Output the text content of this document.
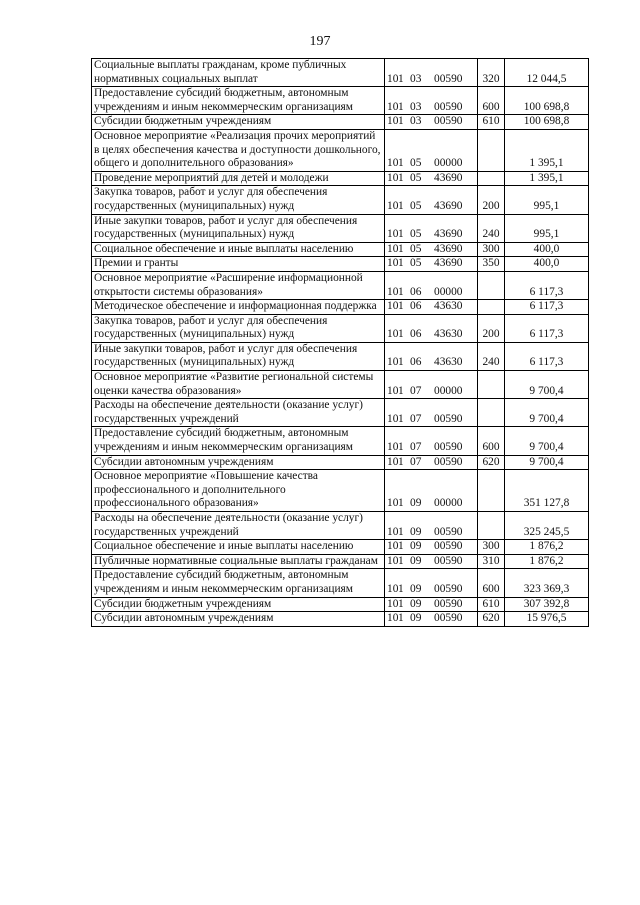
197
Социальные выплаты гражданам, кроме публичных нормативных социальных выплат	101 03 00590	320	12 044,5
Предоставление субсидий бюджетным, автономным учреждениям и иным некоммерческим организациям	101 03 00590	600	100 698,8
Субсидии бюджетным учреждениям	101 03 00590	610	100 698,8
Основное мероприятие «Реализация прочих мероприятий в целях обеспечения качества и доступности дошкольного, общего и дополнительного образования»	101 05 00000		1 395,1
Проведение мероприятий для детей и молодежи	101 05 43690		1 395,1
Закупка товаров, работ и услуг для обеспечения государственных (муниципальных) нужд	101 05 43690	200	995,1
Иные закупки товаров, работ и услуг для обеспечения государственных (муниципальных) нужд	101 05 43690	240	995,1
Социальное обеспечение и иные выплаты населению	101 05 43690	300	400,0
Премии и гранты	101 05 43690	350	400,0
Основное мероприятие «Расширение информационной открытости системы образования»	101 06 00000		6 117,3
Методическое обеспечение и информационная поддержка	101 06 43630		6 117,3
Закупка товаров, работ и услуг для обеспечения государственных (муниципальных) нужд	101 06 43630	200	6 117,3
Иные закупки товаров, работ и услуг для обеспечения государственных (муниципальных) нужд	101 06 43630	240	6 117,3
Основное мероприятие «Развитие региональной системы оценки качества образования»	101 07 00000		9 700,4
Расходы на обеспечение деятельности (оказание услуг) государственных учреждений	101 07 00590		9 700,4
Предоставление субсидий бюджетным, автономным учреждениям и иным некоммерческим организациям	101 07 00590	600	9 700,4
Субсидии автономным учреждениям	101 07 00590	620	9 700,4
Основное мероприятие «Повышение качества профессионального и дополнительного профессионального образования»	101 09 00000		351 127,8
Расходы на обеспечение деятельности (оказание услуг) государственных учреждений	101 09 00590		325 245,5
Социальное обеспечение и иные выплаты населению	101 09 00590	300	1 876,2
Публичные нормативные социальные выплаты гражданам	101 09 00590	310	1 876,2
Предоставление субсидий бюджетным, автономным учреждениям и иным некоммерческим организациям	101 09 00590	600	323 369,3
Субсидии бюджетным учреждениям	101 09 00590	610	307 392,8
Субсидии автономным учреждениям	101 09 00590	620	15 976,5
